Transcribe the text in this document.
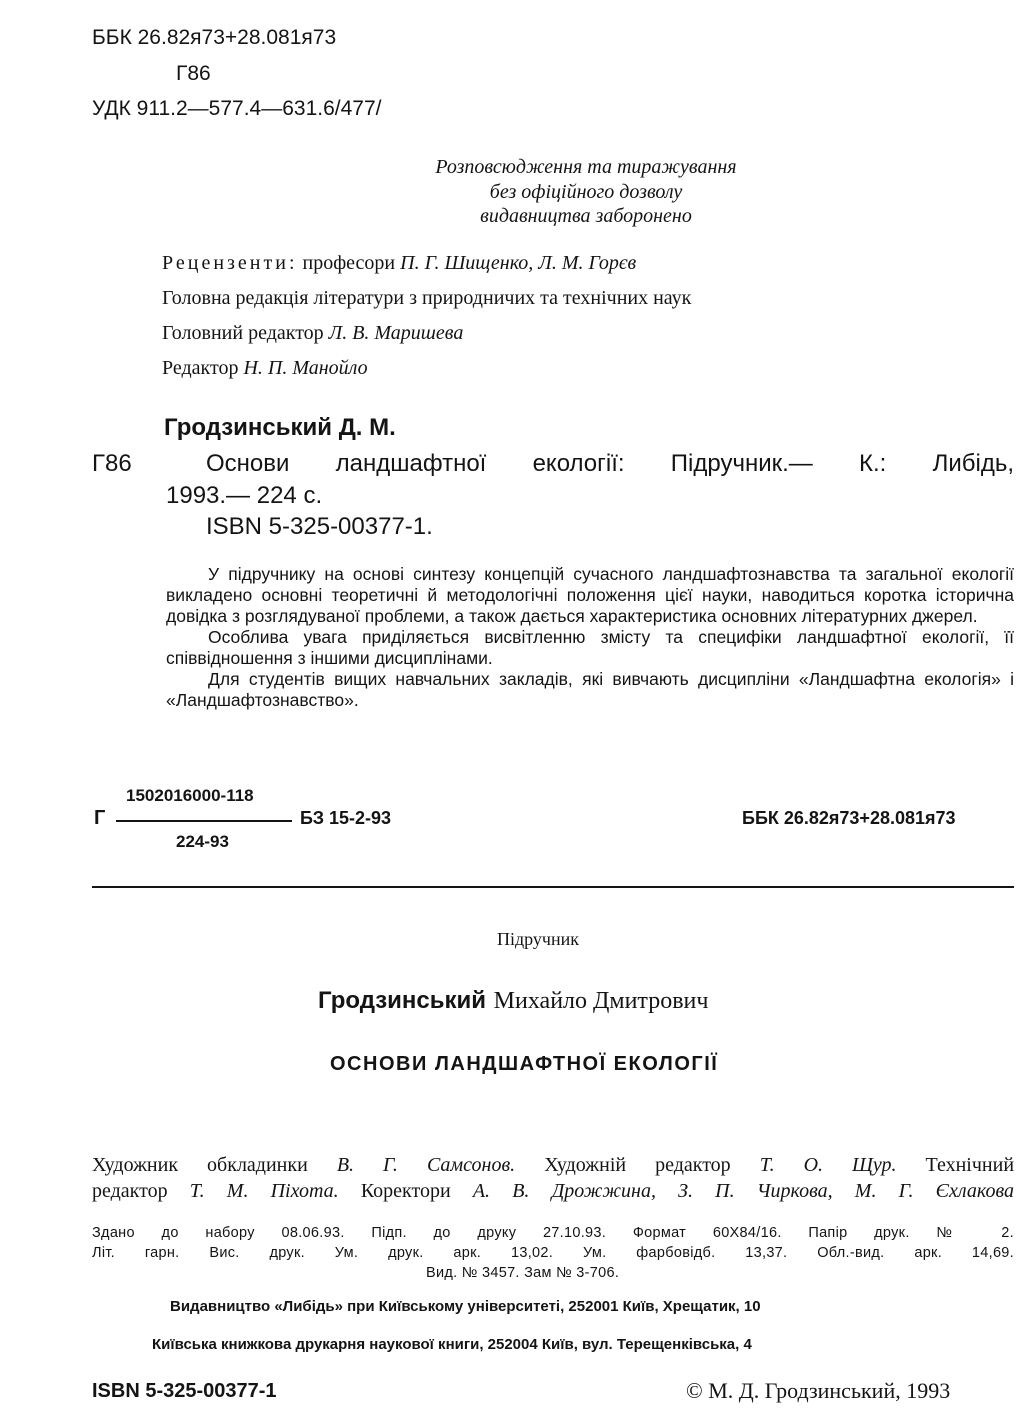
ББК 26.82я73+28.081я73
Г86
УДК 911.2—577.4—631.6/477/
Розповсюдження та тиражування
без офіційного дозволу
видавництва заборонено
Рецензенти: професори П. Г. Шищенко, Л. М. Горєв
Головна редакція літератури з природничих та технічних наук
Головний редактор Л. В. Маришева
Редактор Н. П. Манойло
Гродзинський Д. М.
Г86	Основи ландшафтної екології: Підручник.— К.: Либідь,
1993.— 224 с.
ISBN 5-325-00377-1.

У підручнику на основі синтезу концепцій сучасного ландшафтознавства та загальної екології викладено основні теоретичні й методологічні положення цієї науки, наводиться коротка історична довідка з розглядуваної проблеми, а також дається характеристика основних літературних джерел.

Особлива увага приділяється висвітленню змісту та специфіки ландшафтної екології, її співвідношення з іншими дисциплінами.

Для студентів вищих навчальних закладів, які вивчають дисципліни «Ландшафтна екологія» і «Ландшафтознавство».

1502016000-118
Г	БЗ 15-2-93
224-93
ББК 26.82я73+28.081я73
Підручник
Гродзинський Михайло Дмитрович
ОСНОВИ ЛАНДШАФТНОЇ ЕКОЛОГІЇ
Художник обкладинки В. Г. Самсонов. Художній редактор Т. О. Щур. Технічний
редактор Т. М. Піхота. Коректори А. В. Дрожжина, З. П. Чиркова, М. Г. Єхлакова
Здано до набору 08.06.93. Підп. до друку 27.10.93. Формат 60Х84/16. Папір друк. № 2.
Літ. гарн. Вис. друк. Ум. друк. арк. 13,02. Ум. фарбовідб. 13,37. Обл.-вид. арк. 14,69.
Вид. № 3457. Зам № 3-706.
Видавництво «Либідь» при Київському університеті, 252001 Київ, Хрещатик, 10
Київська книжкова друкарня наукової книги, 252004 Київ, вул. Терещенківська, 4
ISBN 5-325-00377-1	© М. Д. Гродзинський, 1993
